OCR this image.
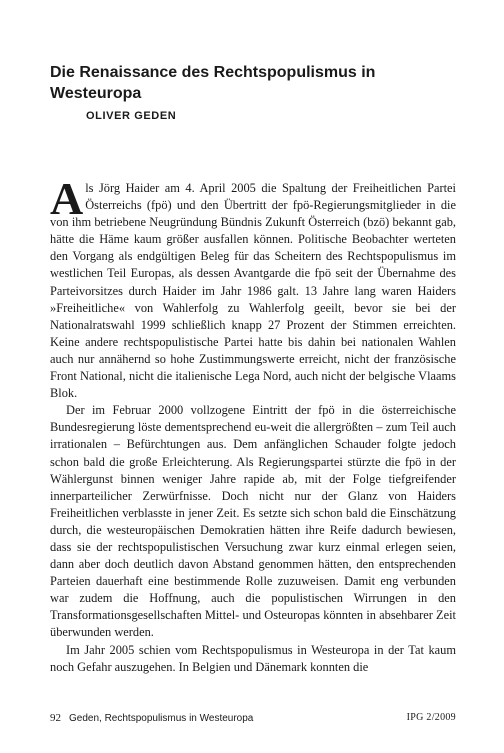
Die Renaissance des Rechtspopulismus in Westeuropa
OLIVER GEDEN

Als Jörg Haider am 4. April 2005 die Spaltung der Freiheitlichen Partei Österreichs (fpö) und den Übertritt der fpö-Regierungsmitglieder in die von ihm betriebene Neugründung Bündnis Zukunft Österreich (bzö) bekannt gab, hätte die Häme kaum größer ausfallen können. Politische Beobachter werteten den Vorgang als endgültigen Beleg für das Scheitern des Rechtspopulismus im westlichen Teil Europas, als dessen Avantgarde die fpö seit der Übernahme des Parteivorsitzes durch Haider im Jahr 1986 galt. 13 Jahre lang waren Haiders »Freiheitliche« von Wahlerfolg zu Wahlerfolg geeilt, bevor sie bei der Nationalratswahl 1999 schließlich knapp 27 Prozent der Stimmen erreichten. Keine andere rechtspopulistische Partei hatte bis dahin bei nationalen Wahlen auch nur annähernd so hohe Zustimmungswerte erreicht, nicht der französische Front National, nicht die italienische Lega Nord, auch nicht der belgische Vlaams Blok.

Der im Februar 2000 vollzogene Eintritt der fpö in die österreichische Bundesregierung löste dementsprechend eu-weit die allergrößten – zum Teil auch irrationalen – Befürchtungen aus. Dem anfänglichen Schauder folgte jedoch schon bald die große Erleichterung. Als Regierungspartei stürzte die fpö in der Wählergunst binnen weniger Jahre rapide ab, mit der Folge tiefgreifender innerparteilicher Zerwürfnisse. Doch nicht nur der Glanz von Haiders Freiheitlichen verblasste in jener Zeit. Es setzte sich schon bald die Einschätzung durch, die westeuropäischen Demokratien hätten ihre Reife dadurch bewiesen, dass sie der rechtspopulistischen Versuchung zwar kurz einmal erlegen seien, dann aber doch deutlich davon Abstand genommen hätten, den entsprechenden Parteien dauerhaft eine bestimmende Rolle zuzuweisen. Damit eng verbunden war zudem die Hoffnung, auch die populistischen Wirrungen in den Transformationsgesellschaften Mittel- und Osteuropas könnten in absehbarer Zeit überwunden werden.

Im Jahr 2005 schien vom Rechtspopulismus in Westeuropa in der Tat kaum noch Gefahr auszugehen. In Belgien und Dänemark konnten die

92 Geden, Rechtspopulismus in Westeuropa	IPG 2/2009
